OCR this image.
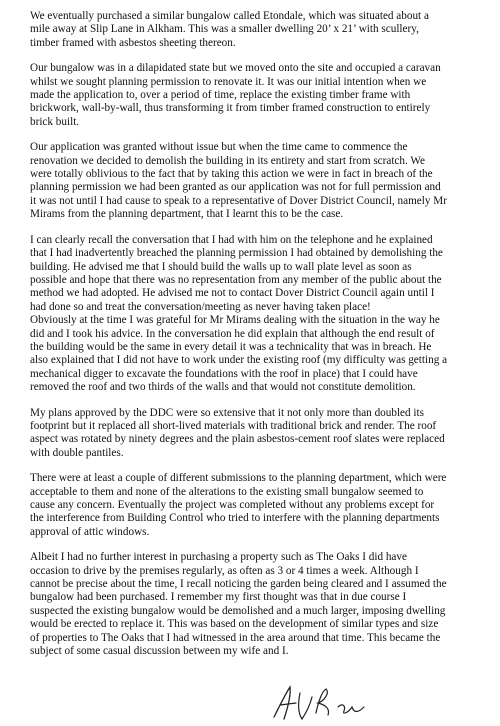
We eventually purchased a similar bungalow called Etondale, which was situated about a
mile away at Slip Lane in Alkham. This was a smaller dwelling 20’ x 21’ with scullery,
timber framed with asbestos sheeting thereon.
Our bungalow was in a dilapidated state but we moved onto the site and occupied a caravan
whilst we sought planning permission to renovate it. It was our initial intention when we
made the application to, over a period of time, replace the existing timber frame with
brickwork, wall-by-wall, thus transforming it from timber framed construction to entirely
brick built.
Our application was granted without issue but when the time came to commence the
renovation we decided to demolish the building in its entirety and start from scratch. We
were totally oblivious to the fact that by taking this action we were in fact in breach of the
planning permission we had been granted as our application was not for full permission and
it was not until I had cause to speak to a representative of Dover District Council, namely Mr
Mirams from the planning department, that I learnt this to be the case.
I can clearly recall the conversation that I had with him on the telephone and he explained
that I had inadvertently breached the planning permission I had obtained by demolishing the
building. He advised me that I should build the walls up to wall plate level as soon as
possible and hope that there was no representation from any member of the public about the
method we had adopted. He advised me not to contact Dover District Council again until I
had done so and treat the conversation/meeting as never having taken place!
Obviously at the time I was grateful for Mr Mirams dealing with the situation in the way he
did and I took his advice. In the conversation he did explain that although the end result of
the building would be the same in every detail it was a technicality that was in breach. He
also explained that I did not have to work under the existing roof (my difficulty was getting a
mechanical digger to excavate the foundations with the roof in place) that I could have
removed the roof and two thirds of the walls and that would not constitute demolition.
My plans approved by the DDC were so extensive that it not only more than doubled its
footprint but it replaced all short-lived materials with traditional brick and render. The roof
aspect was rotated by ninety degrees and the plain asbestos-cement roof slates were replaced
with double pantiles.
There were at least a couple of different submissions to the planning department, which were
acceptable to them and none of the alterations to the existing small bungalow seemed to
cause any concern. Eventually the project was completed without any problems except for
the interference from Building Control who tried to interfere with the planning departments
approval of attic windows.
Albeit I had no further interest in purchasing a property such as The Oaks I did have
occasion to drive by the premises regularly, as often as 3 or 4 times a week. Although I
cannot be precise about the time, I recall noticing the garden being cleared and I assumed the
bungalow had been purchased. I remember my first thought was that in due course I
suspected the existing bungalow would be demolished and a much larger, imposing dwelling
would be erected to replace it. This was based on the development of similar types and size
of properties to The Oaks that I had witnessed in the area around that time. This became the
subject of some casual discussion between my wife and I.
